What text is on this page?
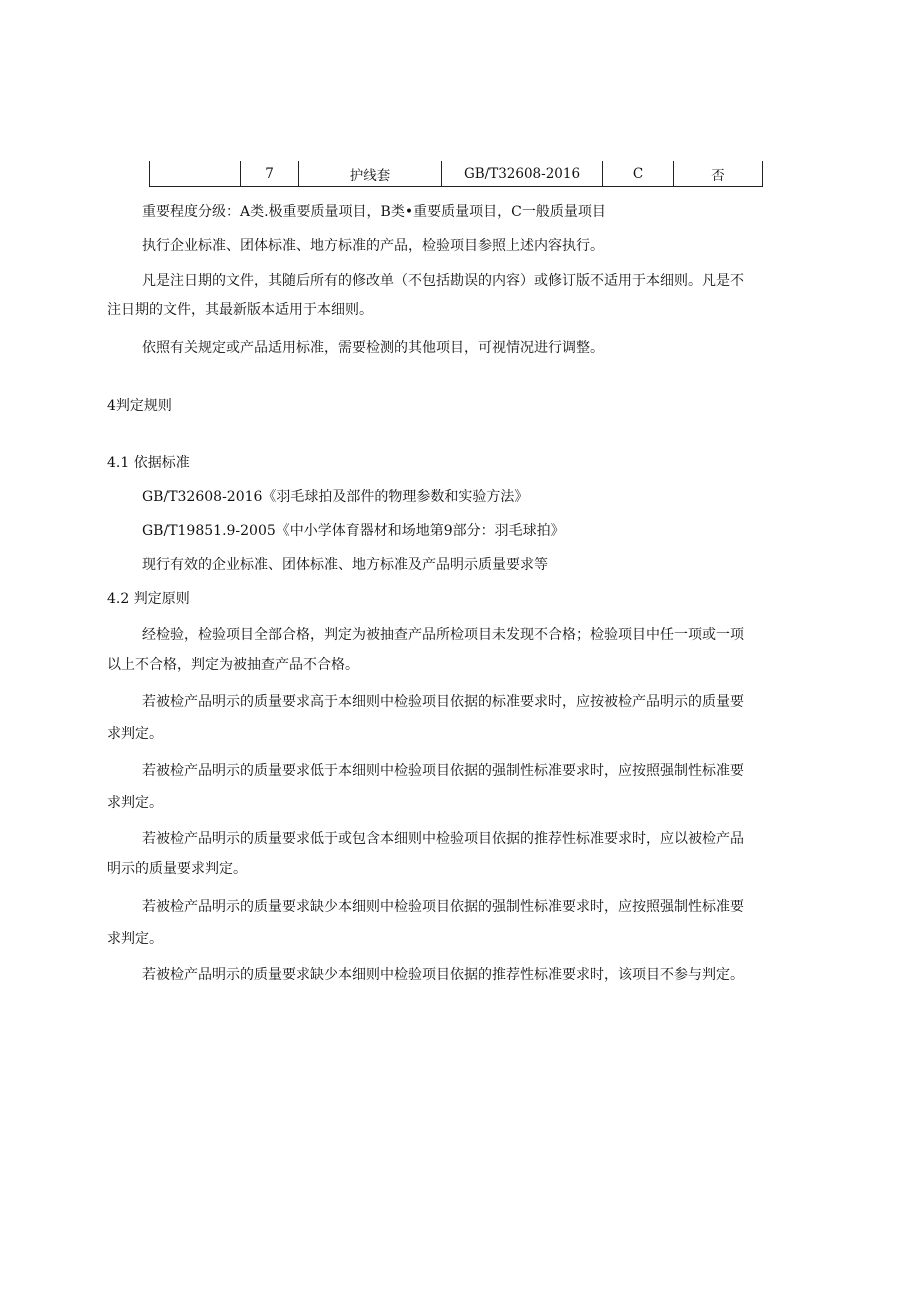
7	护线套	GB/T32608-2016	C	否
重要程度分级：A类.极重要质量项目，B类•重要质量项目，C一般质量项目
执行企业标准、团体标准、地方标准的产品，检验项目参照上述内容执行。
凡是注日期的文件，其随后所有的修改单（不包括勘误的内容）或修订版不适用于本细则。凡是不
注日期的文件，其最新版本适用于本细则。
依照有关规定或产品适用标准，需要检测的其他项目，可视情况进行调整。
4判定规则
4.1 依据标准
GB/T32608-2016《羽毛球拍及部件的物理参数和实验方法》
GB/T19851.9-2005《中小学体育器材和场地第9部分：羽毛球拍》
现行有效的企业标准、团体标准、地方标准及产品明示质量要求等
4.2 判定原则
经检验，检验项目全部合格，判定为被抽查产品所检项目未发现不合格；检验项目中任一项或一项
以上不合格，判定为被抽查产品不合格。
若被检产品明示的质量要求高于本细则中检验项目依据的标准要求时，应按被检产品明示的质量要
求判定。
若被检产品明示的质量要求低于本细则中检验项目依据的强制性标准要求时，应按照强制性标准要
求判定。
若被检产品明示的质量要求低于或包含本细则中检验项目依据的推荐性标准要求时，应以被检产品
明示的质量要求判定。
若被检产品明示的质量要求缺少本细则中检验项目依据的强制性标准要求时，应按照强制性标准要
求判定。
若被检产品明示的质量要求缺少本细则中检验项目依据的推荐性标准要求时，该项目不参与判定。
